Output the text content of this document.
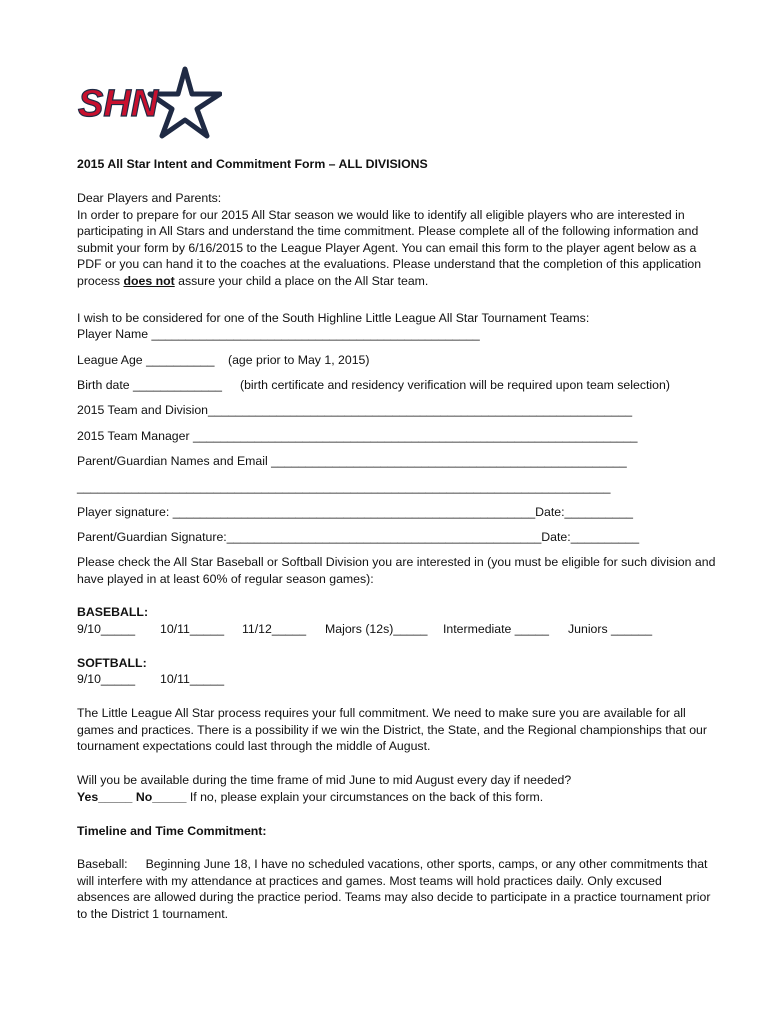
SHN
2015 All Star Intent and Commitment Form – ALL DIVISIONS
Dear Players and Parents:
In order to prepare for our 2015 All Star season we would like to identify all eligible players who are interested in participating in All Stars and understand the time commitment. Please complete all of the following information and submit your form by 6/16/2015 to the League Player Agent. You can email this form to the player agent below as a PDF or you can hand it to the coaches at the evaluations. Please understand that the completion of this application process does not assure your child a place on the All Star team.
I wish to be considered for one of the South Highline Little League All Star Tournament Teams:
Player Name ________________________________________________
League Age __________ (age prior to May 1, 2015)
Birth date _____________ (birth certificate and residency verification will be required upon team selection)
2015 Team and Division______________________________________________________________
2015 Team Manager _________________________________________________________________
Parent/Guardian Names and Email ____________________________________________________
______________________________________________________________________________
Player signature: _____________________________________________________Date:__________
Parent/Guardian Signature:______________________________________________Date:__________
Please check the All Star Baseball or Softball Division you are interested in (you must be eligible for such division and have played in at least 60% of regular season games):
BASEBALL:
9/10_____ 10/11_____ 11/12_____ Majors (12s)_____ Intermediate _____ Juniors ______
SOFTBALL:
9/10_____ 10/11_____
The Little League All Star process requires your full commitment. We need to make sure you are available for all games and practices. There is a possibility if we win the District, the State, and the Regional championships that our tournament expectations could last through the middle of August.
Will you be available during the time frame of mid June to mid August every day if needed?
Yes_____ No_____ If no, please explain your circumstances on the back of this form.
Timeline and Time Commitment:
Baseball: Beginning June 18, I have no scheduled vacations, other sports, camps, or any other commitments that will interfere with my attendance at practices and games. Most teams will hold practices daily. Only excused absences are allowed during the practice period. Teams may also decide to participate in a practice tournament prior to the District 1 tournament.
